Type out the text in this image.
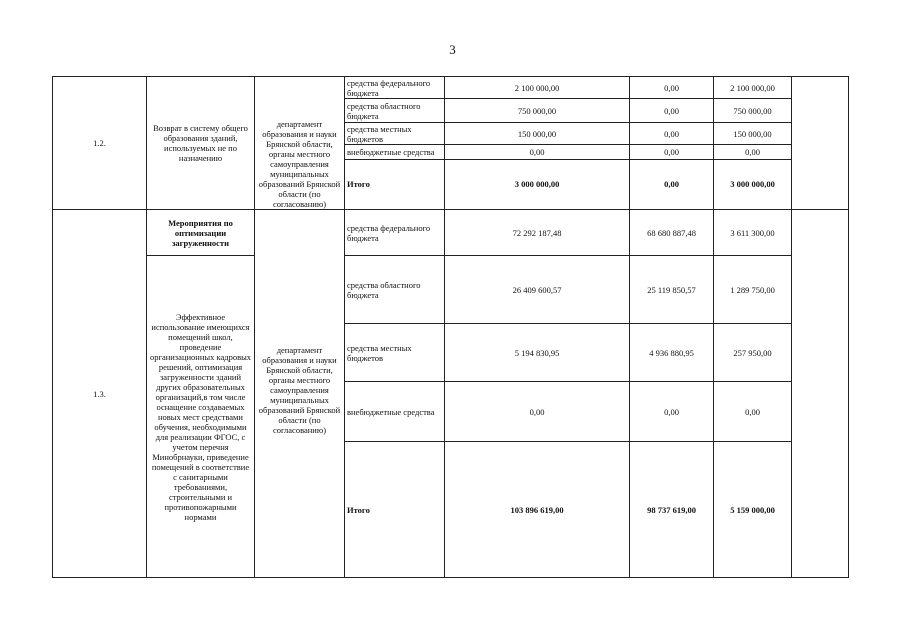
3
1.2.	Возврат в систему общего образования зданий, используемых не по назначению	департамент образования и науки Брянской области, органы местного самоуправления муниципальных образований Брянской области (по согласованию)	средства федерального бюджета	2 100 000,00	0,00	2 100 000,00	
			средства областного бюджета	750 000,00	0,00	750 000,00	
			средства местных бюджетов	150 000,00	0,00	150 000,00	
			внебюджетные средства	0,00	0,00	0,00	
			Итого	3 000 000,00	0,00	3 000 000,00	
1.3.	Мероприятия по оптимизации загруженности	департамент образования и науки Брянской области, органы местного самоуправления муниципальных образований Брянской области (по согласованию)	средства федерального бюджета	72 292 187,48	68 680 887,48	3 611 300,00	
	Эффективное использование имеющихся помещений школ, проведение организационных кадровых решений, оптимизация загруженности зданий других образовательных организаций,в том числе оснащение создаваемых новых мест средствами обучения, необходимыми для реализации ФГОС, с учетом перечня Минобрнауки, приведение помещений в соответствие с санитарными требованиями, строительными и противопожарными нормами						
			средства областного бюджета	26 409 600,57	25 119 850,57	1 289 750,00	
			средства местных бюджетов	5 194 830,95	4 936 880,95	257 950,00	
			внебюджетные средства	0,00	0,00	0,00	
			Итого	103 896 619,00	98 737 619,00	5 159 000,00	
